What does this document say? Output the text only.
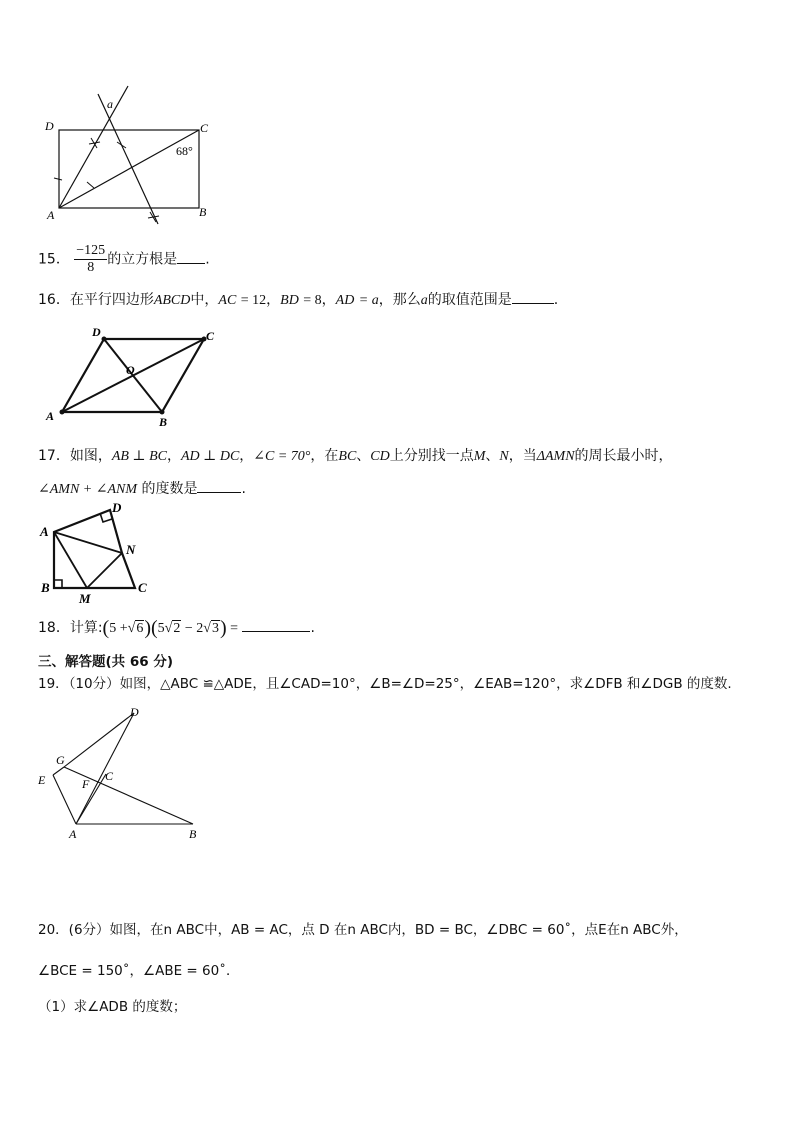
a
D	C
68°
A	B
15． $\frac{-125}{8}$ 的立方根是 .
16．在平行四边形ABCD中，AC = 12，BD = 8，AD = a，那么a的取值范围是	.
D	C
O
A	B
17．如图，AB ⊥ BC，AD ⊥ DC，∠C = 70°，在BC、CD上分别找一点M、N，当ΔAMN的周长最小时，
∠AMN + ∠ANM 的度数是	.
A
D
N
B
M
C
18．计算:(5 +√6)(5√2 − 2√3) =	.
三、解答题(共 66 分)
19．（10分）如图，△ABC ≌△ADE，且∠CAD=10°，∠B=∠D=25°，∠EAB=120°，求∠DFB 和∠DGB 的度数.
D
G
E	C
F
A	B
20．(6分）如图，在n ABC中，AB = AC，点 D 在n ABC内，BD = BC，∠DBC = 60˚，点E在n ABC外，
∠BCE = 150˚，∠ABE = 60˚．
（1）求∠ADB 的度数；
